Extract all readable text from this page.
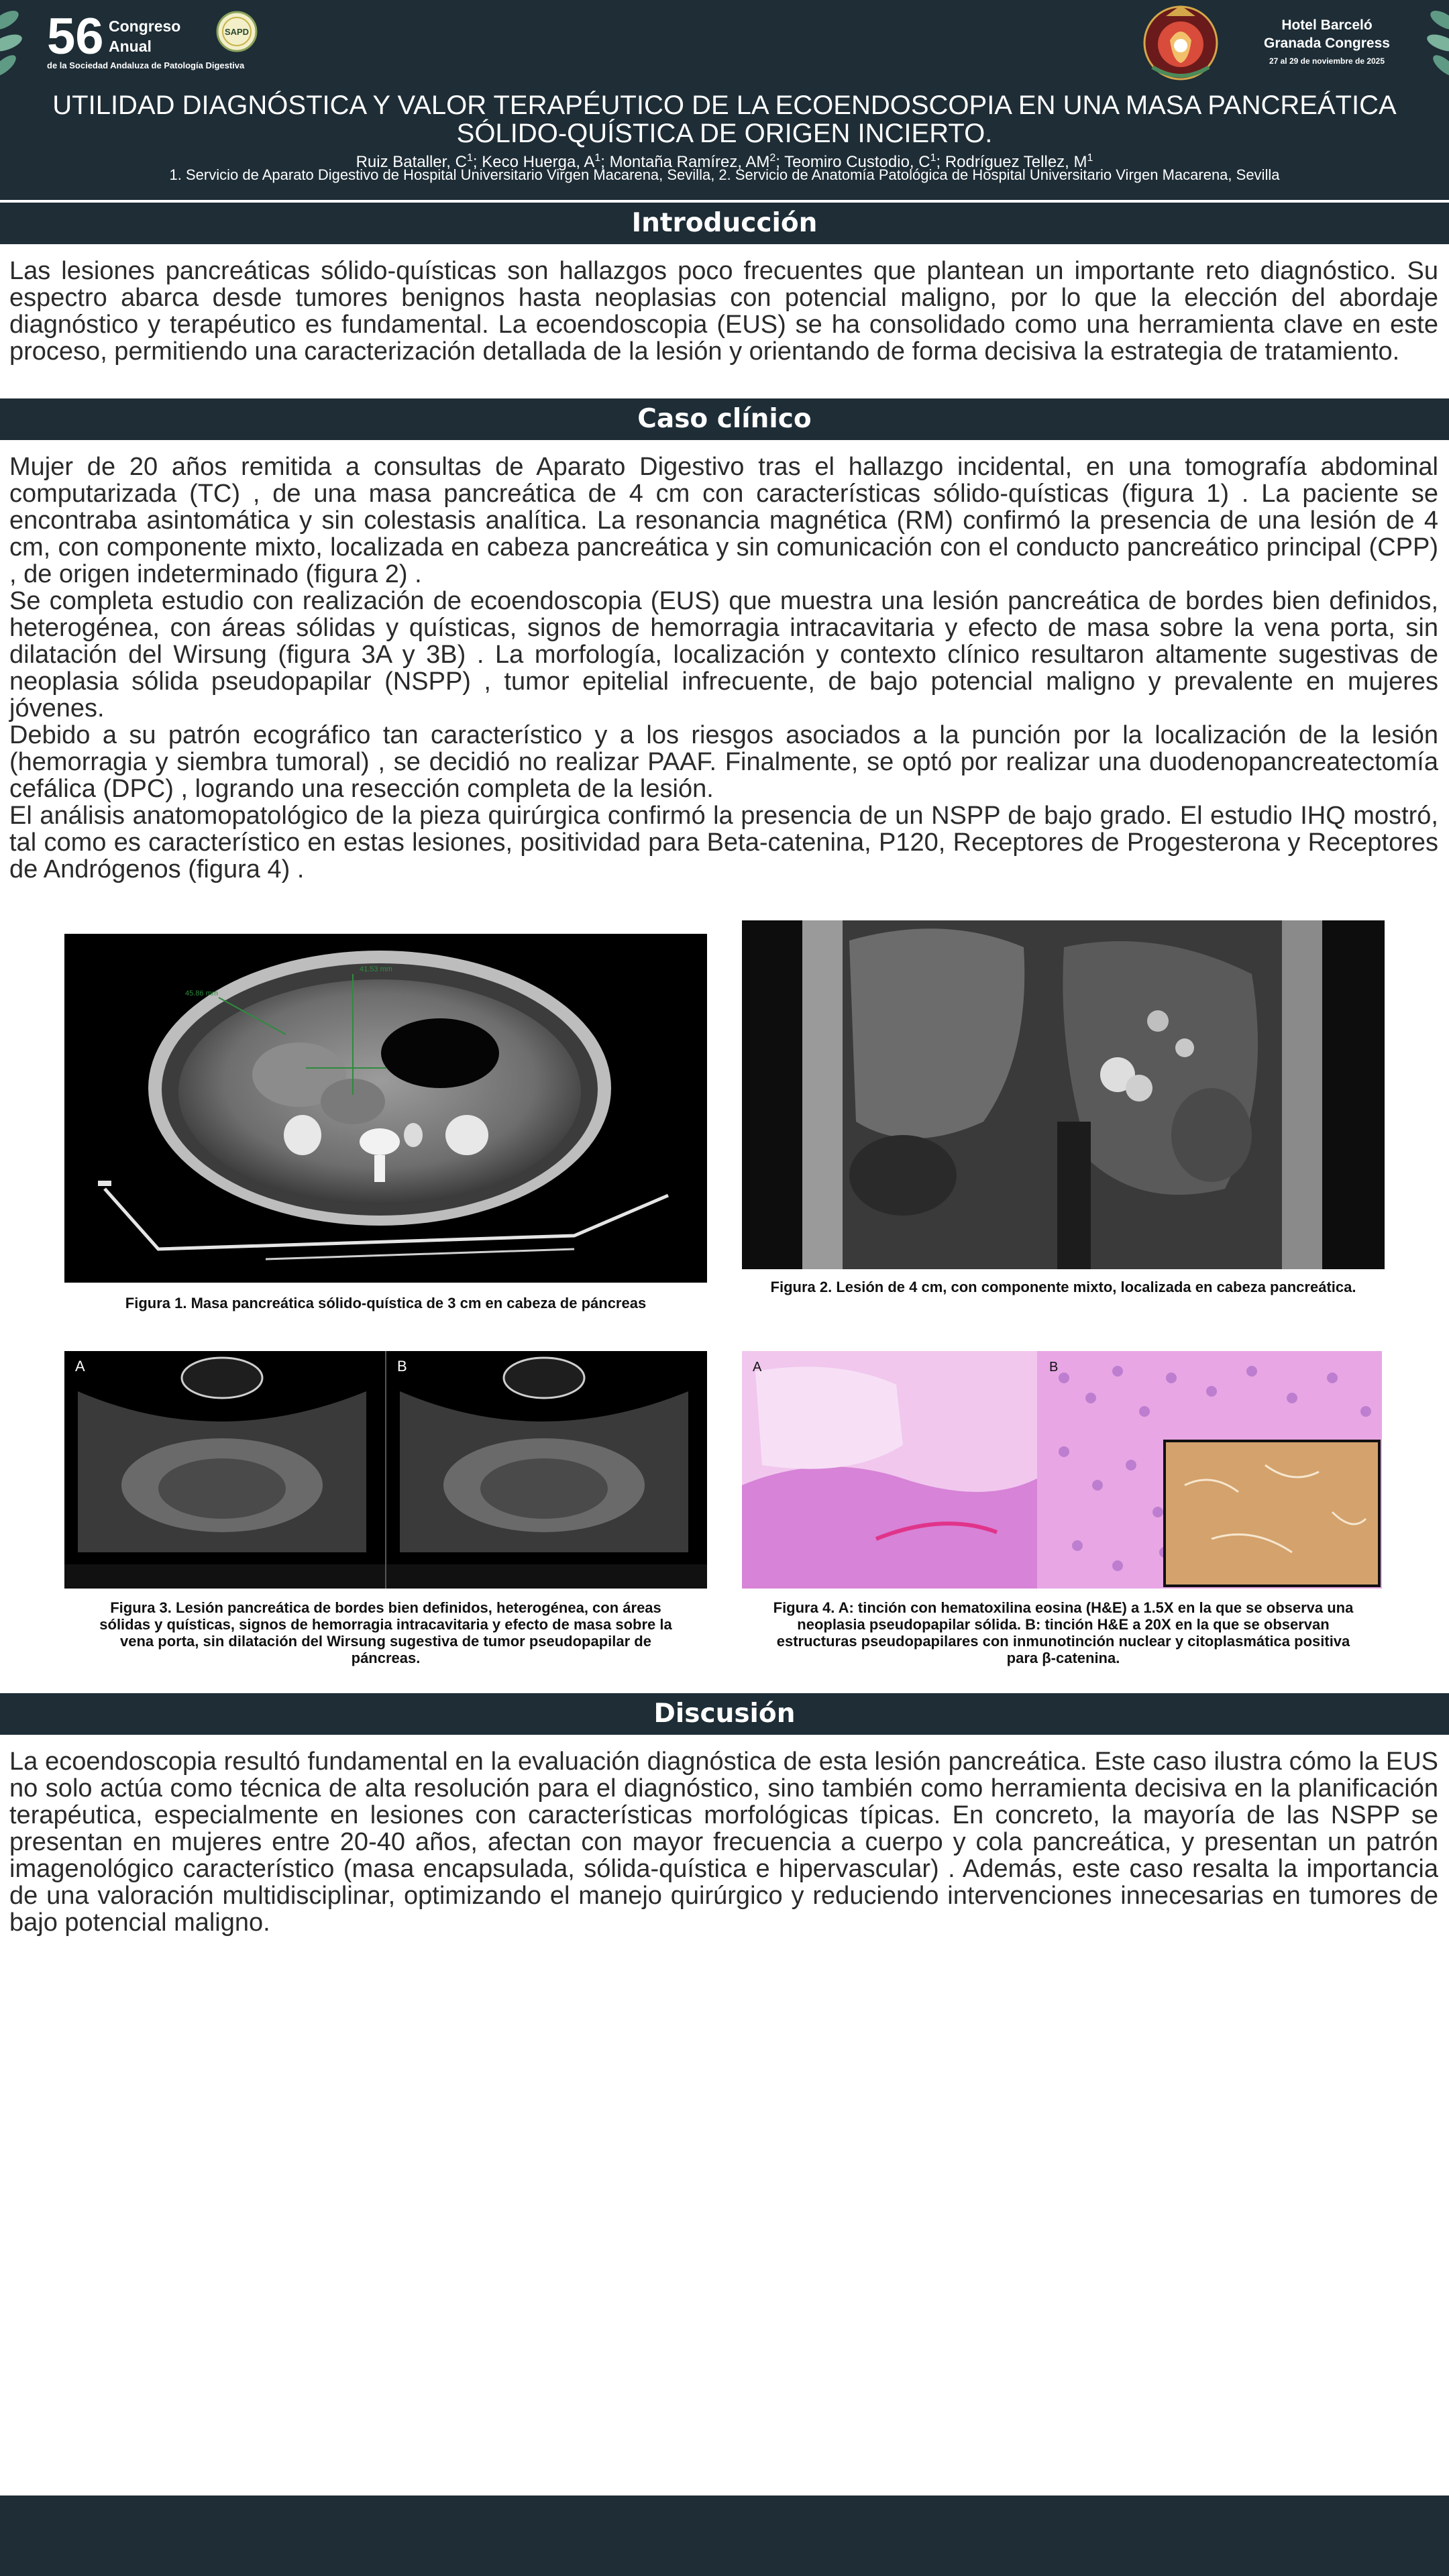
56 Congreso
Anual
de la Sociedad Andaluza de Patología Digestiva
SAPD	Hotel Barceló
Granada Congress
27 al 29 de noviembre de 2025
UTILIDAD DIAGNÓSTICA Y VALOR TERAPÉUTICO DE LA ECOENDOSCOPIA EN UNA MASA PANCREÁTICA SÓLIDO-QUÍSTICA DE ORIGEN INCIERTO.
Ruiz Bataller, $C^1$; Keco Huerga, $A^1$; Montaña Ramírez, $AM^2$; Teomiro Custodio, $C^1$; Rodríguez Tellez, $M^1$
1. Servicio de Aparato Digestivo de Hospital Universitario Virgen Macarena, Sevilla, 2. Servicio de Anatomía Patológica de Hospital Universitario Virgen Macarena, Sevilla
Introducción

Las lesiones pancreáticas sólido-quísticas son hallazgos poco frecuentes que plantean un importante reto diagnóstico. Su espectro abarca desde tumores benignos hasta neoplasias con potencial maligno, por lo que la elección del abordaje diagnóstico y terapéutico es fundamental. La ecoendoscopia (EUS) se ha consolidado como una herramienta clave en este proceso, permitiendo una caracterización detallada de la lesión y orientando de forma decisiva la estrategia de tratamiento.

Caso clínico

Mujer de 20 años remitida a consultas de Aparato Digestivo tras el hallazgo incidental, en una tomografía abdominal computarizada (TC) , de una masa pancreática de 4 cm con características sólido-quísticas (figura 1) . La paciente se encontraba asintomática y sin colestasis analítica. La resonancia magnética (RM) confirmó la presencia de una lesión de 4 cm, con componente mixto, localizada en cabeza pancreática y sin comunicación con el conducto pancreático principal (CPP) , de origen indeterminado (figura 2) .

Se completa estudio con realización de ecoendoscopia (EUS) que muestra una lesión pancreática de bordes bien definidos, heterogénea, con áreas sólidas y quísticas, signos de hemorragia intracavitaria y efecto de masa sobre la vena porta, sin dilatación del Wirsung (figura 3A y 3B) . La morfología, localización y contexto clínico resultaron altamente sugestivas de neoplasia sólida pseudopapilar (NSPP) , tumor epitelial infrecuente, de bajo potencial maligno y prevalente en mujeres jóvenes.

Debido a su patrón ecográfico tan característico y a los riesgos asociados a la punción por la localización de la lesión (hemorragia y siembra tumoral) , se decidió no realizar PAAF. Finalmente, se optó por realizar una duodenopancreatectomía cefálica (DPC) , logrando una resección completa de la lesión.

El análisis anatomopatológico de la pieza quirúrgica confirmó la presencia de un NSPP de bajo grado. El estudio IHQ mostró, tal como es característico en estas lesiones, positividad para Beta-catenina, P120, Receptores de Progesterona y Receptores de Andrógenos (figura 4) .

45.86 mm
41.53 mm
Figura 1. Masa pancreática sólido-quística de 3 cm en cabeza de páncreas
Figura 2. Lesión de 4 cm, con componente mixto, localizada en cabeza pancreática.
A	B
Figura 3. Lesión pancreática de bordes bien definidos, heterogénea, con áreas sólidas y quísticas, signos de hemorragia intracavitaria y efecto de masa sobre la vena porta, sin dilatación del Wirsung sugestiva de tumor pseudopapilar de páncreas.
A	B
Figura 4. A: tinción con hematoxilina eosina (H&E) a 1.5X en la que se observa una neoplasia pseudopapilar sólida. B: tinción H&E a 20X en la que se observan estructuras pseudopapilares con inmunotinción nuclear y citoplasmática positiva para β-catenina.
Discusión

La ecoendoscopia resultó fundamental en la evaluación diagnóstica de esta lesión pancreática. Este caso ilustra cómo la EUS no solo actúa como técnica de alta resolución para el diagnóstico, sino también como herramienta decisiva en la planificación terapéutica, especialmente en lesiones con características morfológicas típicas. En concreto, la mayoría de las NSPP se presentan en mujeres entre 20-40 años, afectan con mayor frecuencia a cuerpo y cola pancreática, y presentan un patrón imagenológico característico (masa encapsulada, sólida-quística e hipervascular) . Además, este caso resalta la importancia de una valoración multidisciplinar, optimizando el manejo quirúrgico y reduciendo intervenciones innecesarias en tumores de bajo potencial maligno.
